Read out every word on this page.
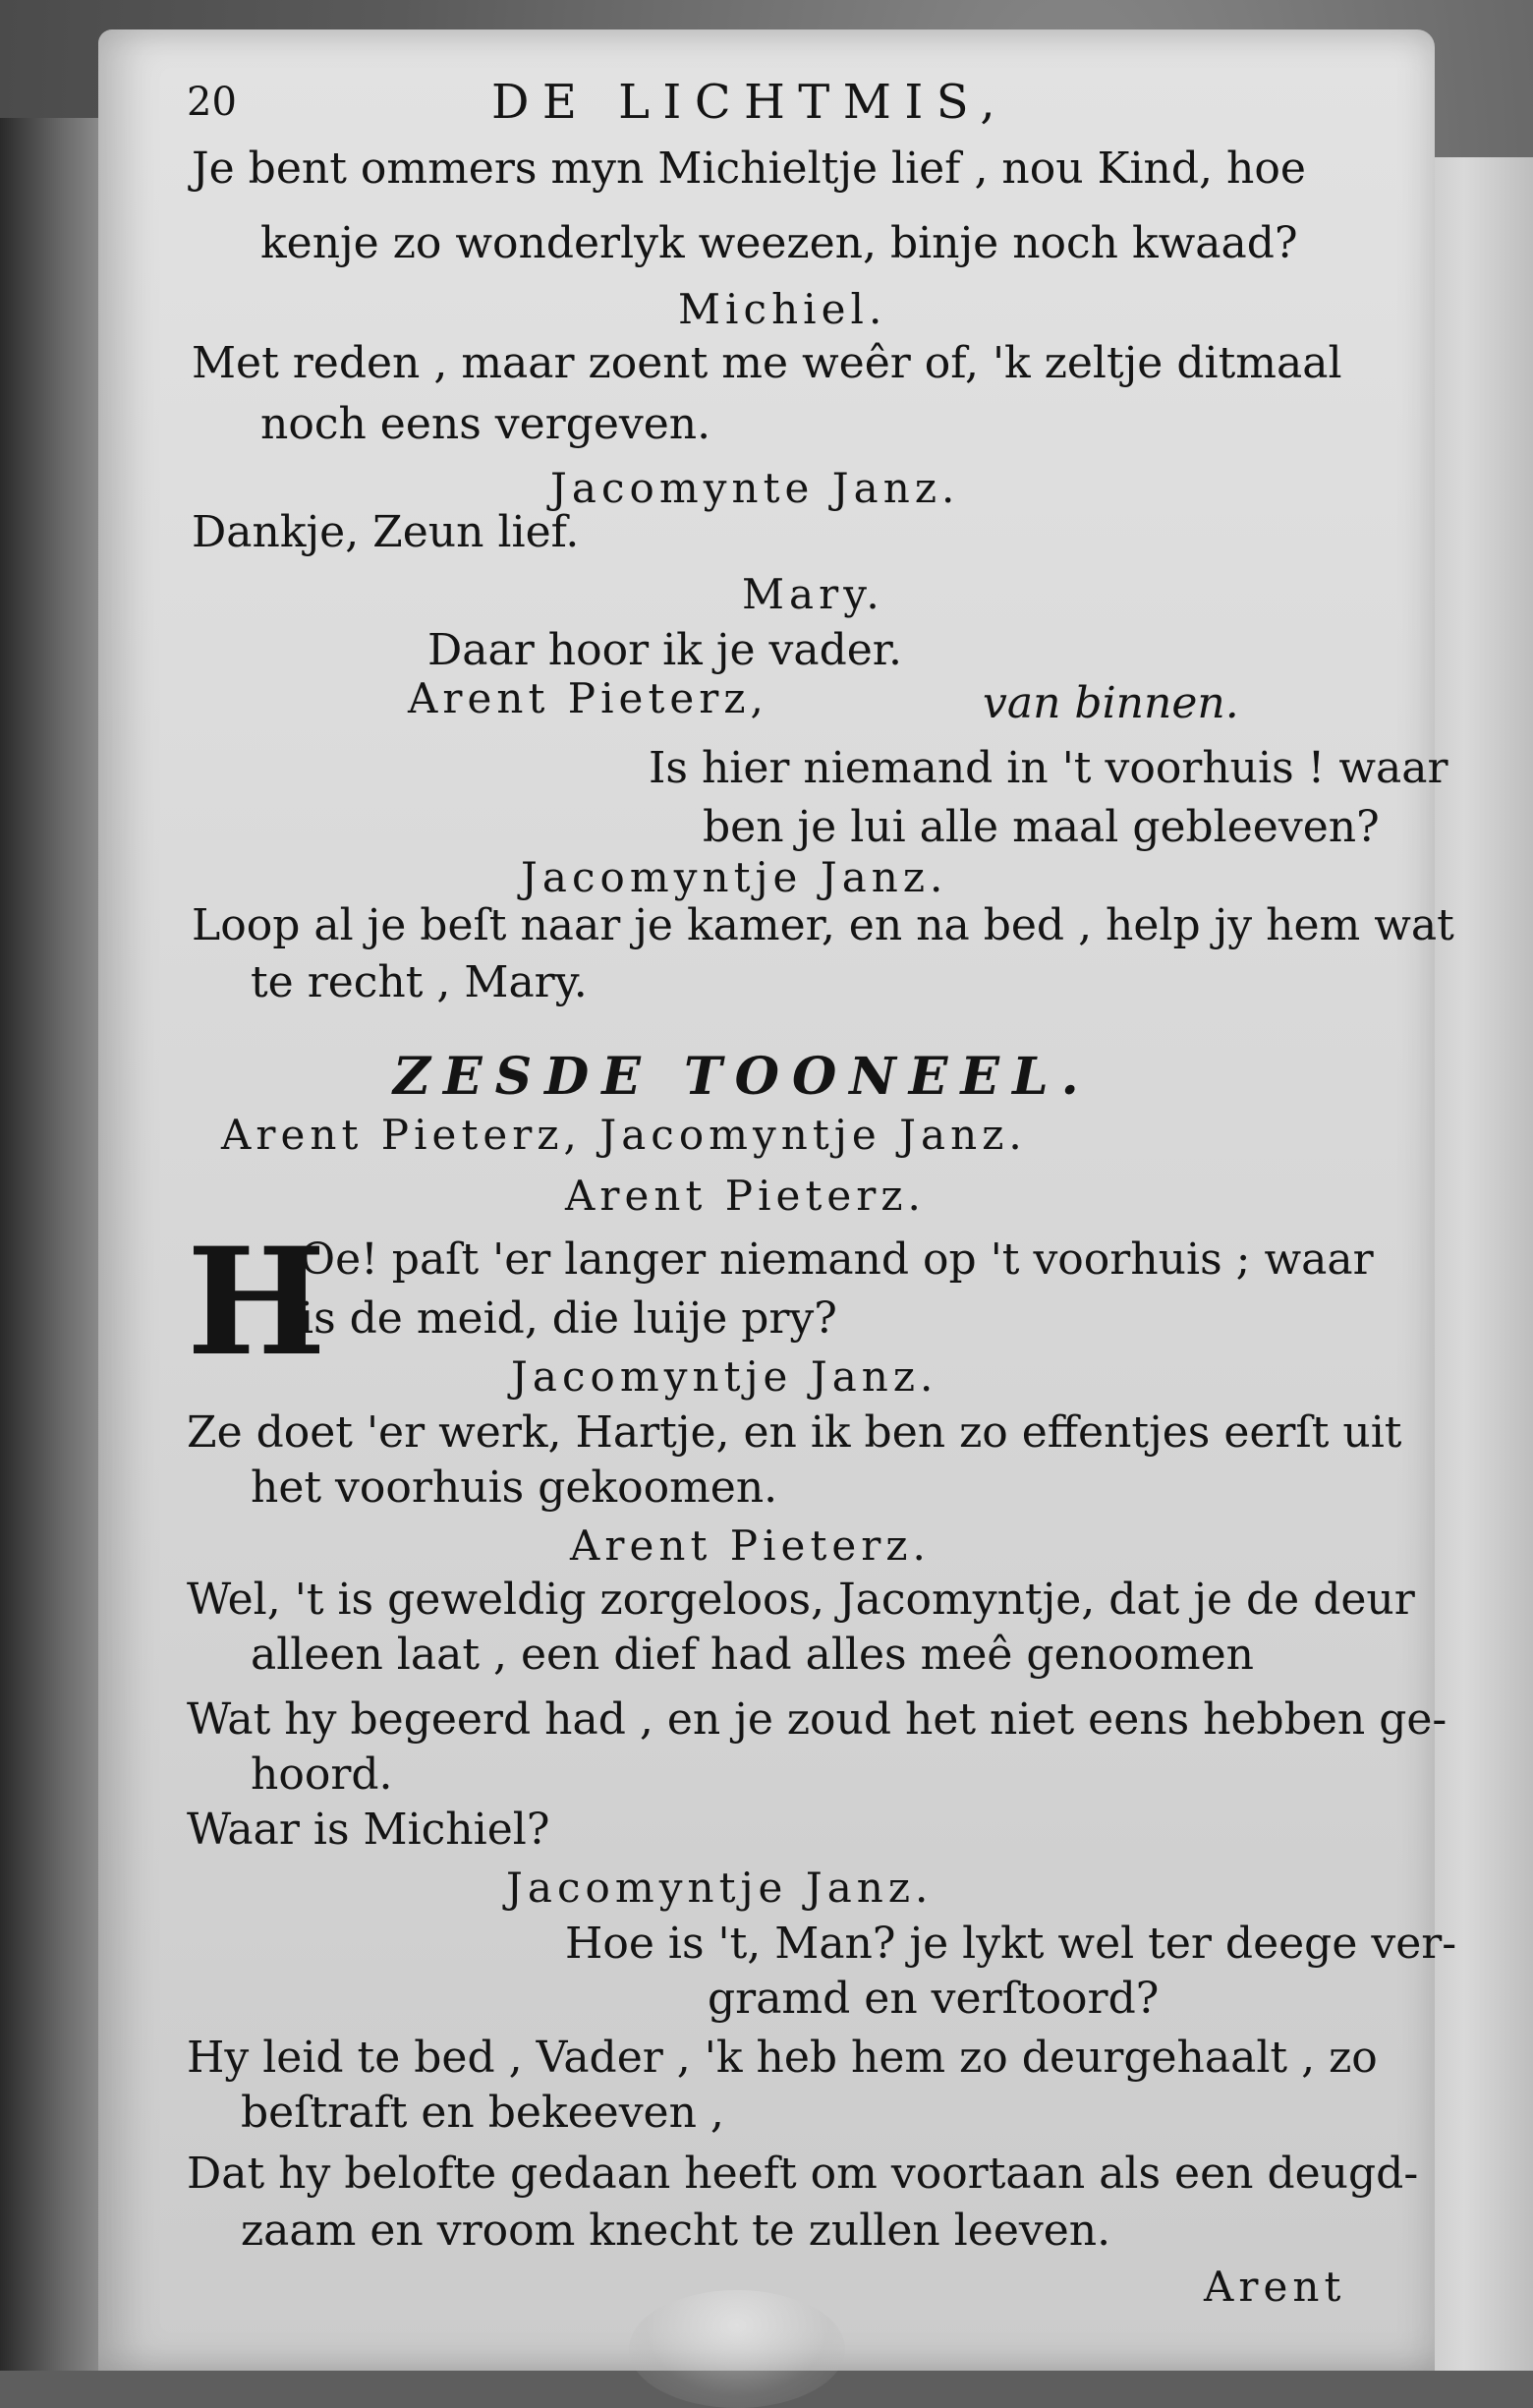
20	DE LICHTMIS,
Je bent ommers myn Michieltje lief , nou Kind, hoe
kenje zo wonderlyk weezen, binje noch kwaad?
Michiel.
Met reden , maar zoent me weêr of, 'k zeltje ditmaal
noch eens vergeven.
Jacomynte Janz.
Dankje, Zeun lief.
Mary.
Daar hoor ik je vader.
Arent Pieterz,	van binnen.
Is hier niemand in 't voorhuis ! waar
ben je lui alle maal gebleeven?
Jacomyntje Janz.
Loop al je beſt naar je kamer, en na bed , help jy hem wat
te recht , Mary.
ZESDE TOONEEL.
Arent Pieterz, Jacomyntje Janz.
Arent Pieterz.
H
Oe! paſt 'er langer niemand op 't voorhuis ; waar
is de meid, die luije pry?
Jacomyntje Janz.
Ze doet 'er werk, Hartje, en ik ben zo effentjes eerſt uit
het voorhuis gekoomen.
Arent Pieterz.
Wel, 't is geweldig zorgeloos, Jacomyntje, dat je de deur
alleen laat , een dief had alles meê genoomen
Wat hy begeerd had , en je zoud het niet eens hebben ge-
hoord.
Waar is Michiel?
Jacomyntje Janz.
Hoe is 't, Man? je lykt wel ter deege ver-
gramd en verſtoord?
Hy leid te bed , Vader , 'k heb hem zo deurgehaalt , zo
beſtraft en bekeeven ,
Dat hy belofte gedaan heeft om voortaan als een deugd-
zaam en vroom knecht te zullen leeven.
Arent
